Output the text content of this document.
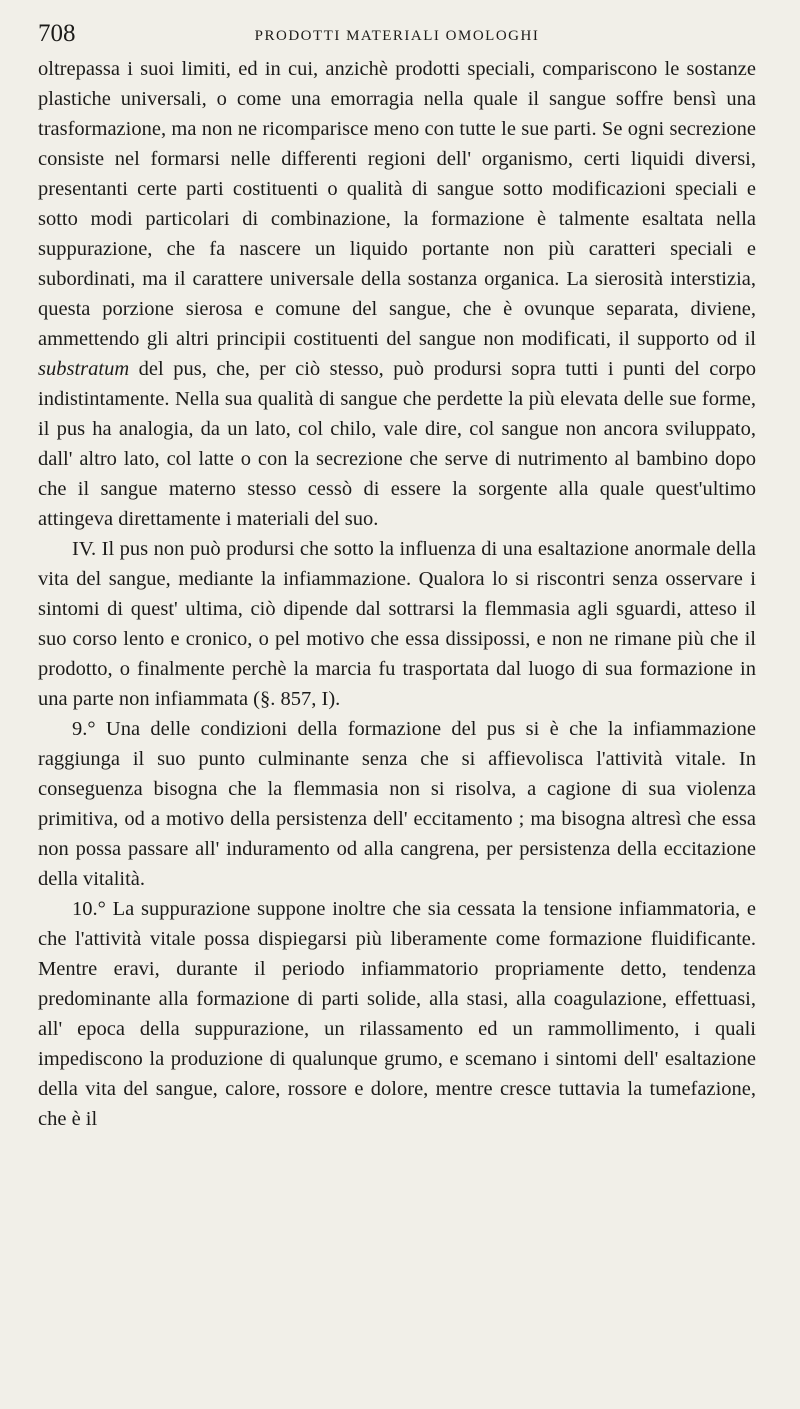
708	PRODOTTI MATERIALI OMOLOGHI

oltrepassa i suoi limiti, ed in cui, anzichè prodotti speciali, compariscono le sostanze plastiche universali, o come una emorragia nella quale il sangue soffre bensì una trasformazione, ma non ne ricomparisce meno con tutte le sue parti. Se ogni secrezione consiste nel formarsi nelle differenti regioni dell' organismo, certi liquidi diversi, presentanti certe parti costituenti o qualità di sangue sotto modificazioni speciali e sotto modi particolari di combinazione, la formazione è talmente esaltata nella suppurazione, che fa nascere un liquido portante non più caratteri speciali e subordinati, ma il carattere universale della sostanza organica. La sierosità interstizia, questa porzione sierosa e comune del sangue, che è ovunque separata, diviene, ammettendo gli altri principii costituenti del sangue non modificati, il supporto od il substratum del pus, che, per ciò stesso, può prodursi sopra tutti i punti del corpo indistintamente. Nella sua qualità di sangue che perdette la più elevata delle sue forme, il pus ha analogia, da un lato, col chilo, vale dire, col sangue non ancora sviluppato, dall' altro lato, col latte o con la secrezione che serve di nutrimento al bambino dopo che il sangue materno stesso cessò di essere la sorgente alla quale quest'ultimo attingeva direttamente i materiali del suo.

IV. Il pus non può prodursi che sotto la influenza di una esaltazione anormale della vita del sangue, mediante la infiammazione. Qualora lo si riscontri senza osservare i sintomi di quest' ultima, ciò dipende dal sottrarsi la flemmasia agli sguardi, atteso il suo corso lento e cronico, o pel motivo che essa dissipossi, e non ne rimane più che il prodotto, o finalmente perchè la marcia fu trasportata dal luogo di sua formazione in una parte non infiammata (§. 857, I).

9.° Una delle condizioni della formazione del pus si è che la infiammazione raggiunga il suo punto culminante senza che si affievolisca l'attività vitale. In conseguenza bisogna che la flemmasia non si risolva, a cagione di sua violenza primitiva, od a motivo della persistenza dell' eccitamento ; ma bisogna altresì che essa non possa passare all' induramento od alla cangrena, per persistenza della eccitazione della vitalità.

10.° La suppurazione suppone inoltre che sia cessata la tensione infiammatoria, e che l'attività vitale possa dispiegarsi più liberamente come formazione fluidificante. Mentre eravi, durante il periodo infiammatorio propriamente detto, tendenza predominante alla formazione di parti solide, alla stasi, alla coagulazione, effettuasi, all' epoca della suppurazione, un rilassamento ed un rammollimento, i quali impediscono la produzione di qualunque grumo, e scemano i sintomi dell' esaltazione della vita del sangue, calore, rossore e dolore, mentre cresce tuttavia la tumefazione, che è il
